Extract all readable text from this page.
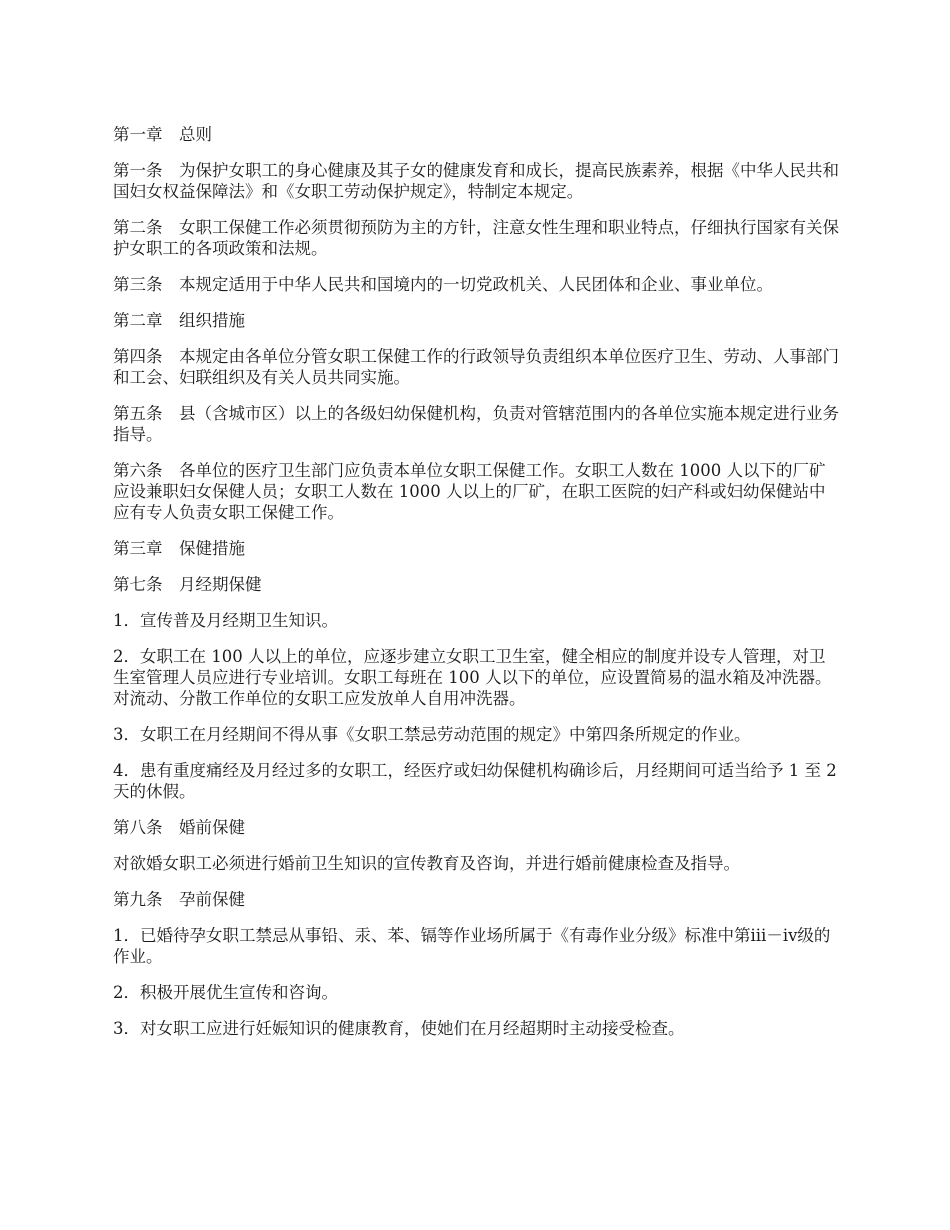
第一章　总则

第一条　为保护女职工的身心健康及其子女的健康发育和成长，提高民族素养，根据《中华人民共和国妇女权益保障法》和《女职工劳动保护规定》，特制定本规定。

第二条　女职工保健工作必须贯彻预防为主的方针，注意女性生理和职业特点，仔细执行国家有关保护女职工的各项政策和法规。

第三条　本规定适用于中华人民共和国境内的一切党政机关、人民团体和企业、事业单位。

第二章　组织措施

第四条　本规定由各单位分管女职工保健工作的行政领导负责组织本单位医疗卫生、劳动、人事部门和工会、妇联组织及有关人员共同实施。

第五条　县（含城市区）以上的各级妇幼保健机构，负责对管辖范围内的各单位实施本规定进行业务指导。

第六条　各单位的医疗卫生部门应负责本单位女职工保健工作。女职工人数在 1000 人以下的厂矿应设兼职妇女保健人员；女职工人数在 1000 人以上的厂矿，在职工医院的妇产科或妇幼保健站中应有专人负责女职工保健工作。

第三章　保健措施

第七条　月经期保健

1．宣传普及月经期卫生知识。

2．女职工在 100 人以上的单位，应逐步建立女职工卫生室，健全相应的制度并设专人管理，对卫生室管理人员应进行专业培训。女职工每班在 100 人以下的单位，应设置简易的温水箱及冲洗器。对流动、分散工作单位的女职工应发放单人自用冲洗器。

3．女职工在月经期间不得从事《女职工禁忌劳动范围的规定》中第四条所规定的作业。

4．患有重度痛经及月经过多的女职工，经医疗或妇幼保健机构确诊后，月经期间可适当给予 1 至 2 天的休假。

第八条　婚前保健

对欲婚女职工必须进行婚前卫生知识的宣传教育及咨询，并进行婚前健康检查及指导。

第九条　孕前保健

1．已婚待孕女职工禁忌从事铅、汞、苯、镉等作业场所属于《有毒作业分级》标准中第ⅲ－ⅳ级的作业。

2．积极开展优生宣传和咨询。

3．对女职工应进行妊娠知识的健康教育，使她们在月经超期时主动接受检查。
